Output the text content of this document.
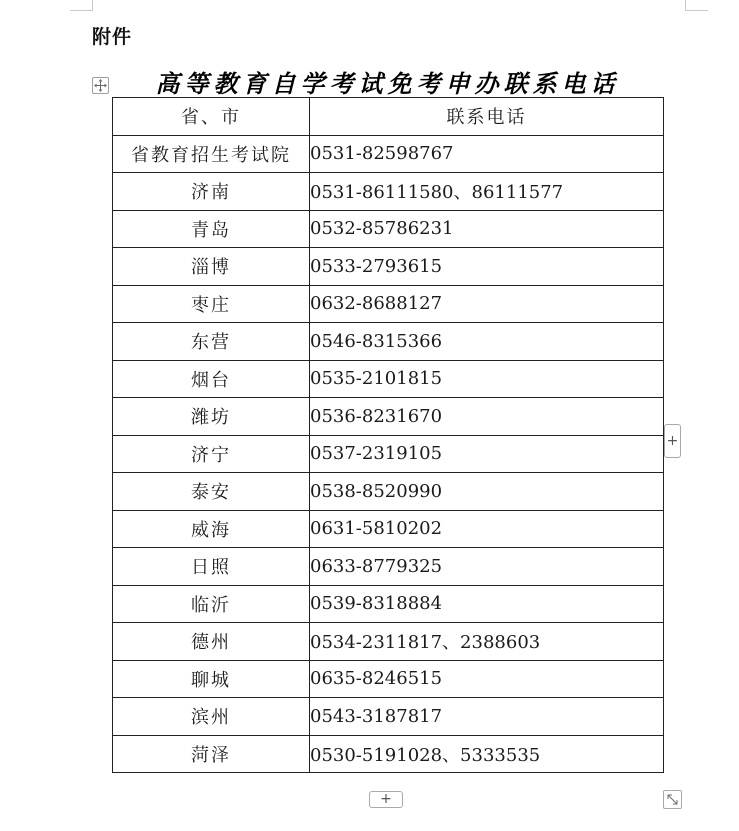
附件
高等教育自学考试免考申办联系电话
省、市	联系电话
省教育招生考试院	0531-82598767
济南	0531-86111580、86111577
青岛	0532-85786231
淄博	0533-2793615
枣庄	0632-8688127
东营	0546-8315366
烟台	0535-2101815
潍坊	0536-8231670
济宁	0537-2319105
泰安	0538-8520990
威海	0631-5810202
日照	0633-8779325
临沂	0539-8318884
德州	0534-2311817、2388603
聊城	0635-8246515
滨州	0543-3187817
菏泽	0530-5191028、5333535
+
+
